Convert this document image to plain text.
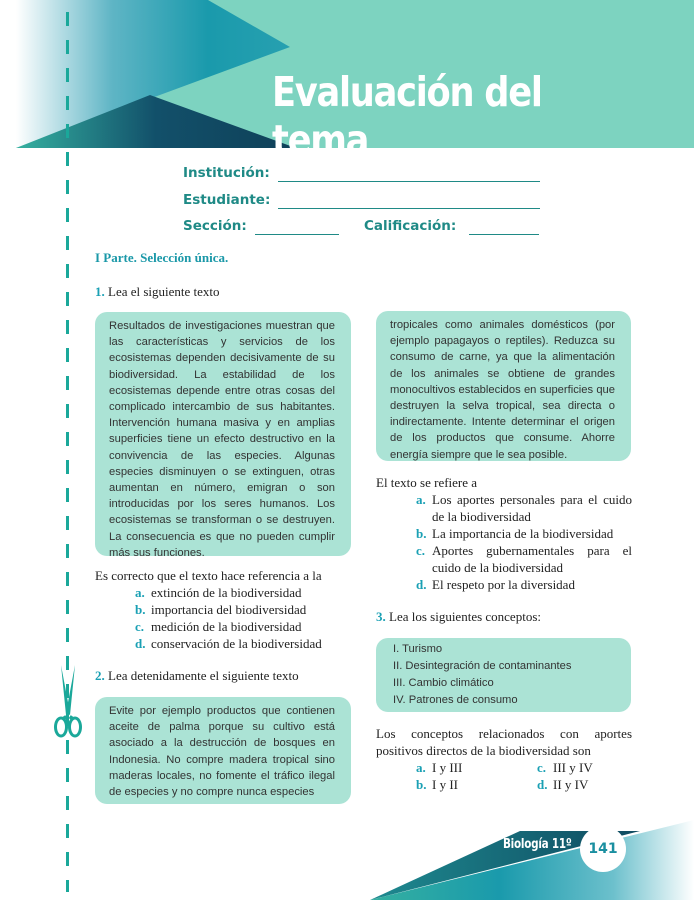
Evaluación del tema
Institución:
Estudiante:
Sección:	Calificación:
I Parte. Selección única.
1. Lea el siguiente texto
Resultados de investigaciones muestran que las características y servicios de los ecosistemas dependen decisivamente de su biodiversidad. La estabilidad de los ecosistemas depende entre otras cosas del complicado intercambio de sus habitantes. Intervención humana masiva y en amplias superficies tiene un efecto destructivo en la convivencia de las especies. Algunas especies disminuyen o se extinguen, otras aumentan en número, emigran o son introducidas por los seres humanos. Los ecosistemas se transforman o se destruyen. La consecuencia es que no pueden cumplir más sus funciones.
Es correcto que el texto hace referencia a la
a. extinción de la biodiversidad
b. importancia del biodiversidad
c. medición de la biodiversidad
d. conservación de la biodiversidad
2. Lea detenidamente el siguiente texto
Evite por ejemplo productos que contienen aceite de palma porque su cultivo está asociado a la destrucción de bosques en Indonesia. No compre madera tropical sino maderas locales, no fomente el tráfico ilegal de especies y no compre nunca especies
tropicales como animales domésticos (por ejemplo papagayos o reptiles). Reduzca su consumo de carne, ya que la alimentación de los animales se obtiene de grandes monocultivos establecidos en superficies que destruyen la selva tropical, sea directa o indirectamente. Intente determinar el origen de los productos que consume. Ahorre energía siempre que le sea posible.
El texto se refiere a
a. Los aportes personales para el cuido de la biodiversidad
b. La importancia de la biodiversidad
c. Aportes gubernamentales para el cuido de la biodiversidad
d. El respeto por la diversidad
3. Lea los siguientes conceptos:
I. Turismo
II. Desintegración de contaminantes
III. Cambio climático
IV. Patrones de consumo
Los conceptos relacionados con aportes positivos directos de la biodiversidad son
a. I y III
b. I y II
c. III y IV
d. II y IV
Biología 11º	141
